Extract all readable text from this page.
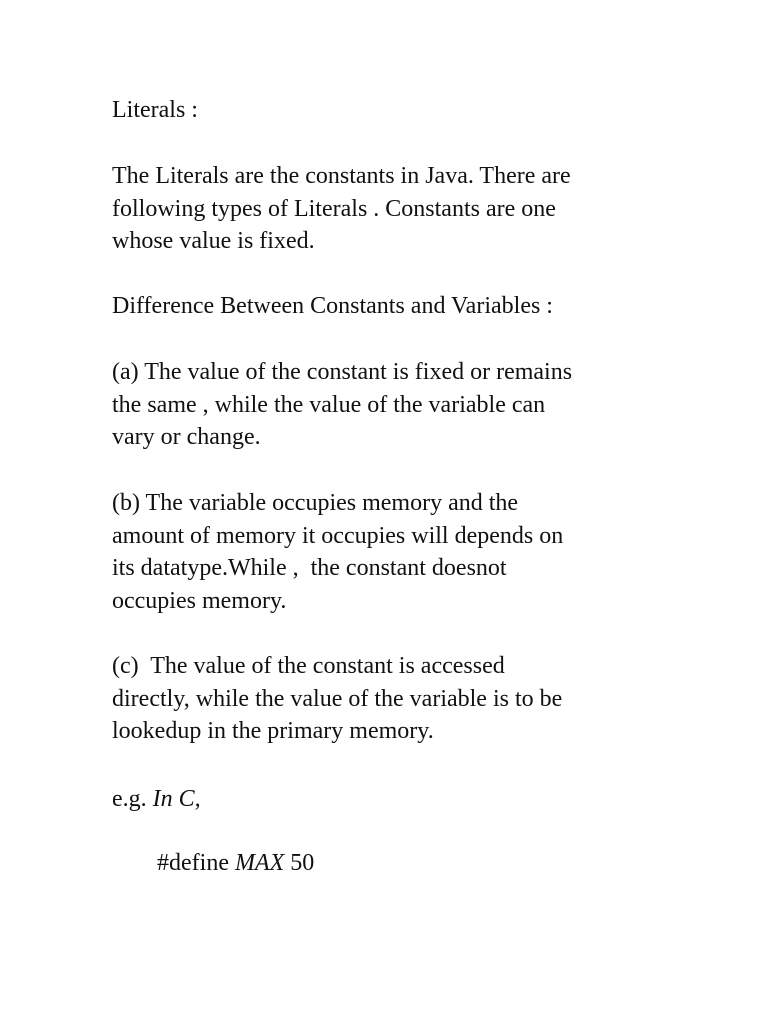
Literals :

The Literals are the constants in Java. There are
following types of Literals . Constants are one
whose value is fixed.

Difference Between Constants and Variables :

(a) The value of the constant is fixed or remains
the same , while the value of the variable can
vary or change.

(b) The variable occupies memory and the
amount of memory it occupies will depends on
its datatype.While ,  the constant doesnot
occupies memory.

(c)  The value of the constant is accessed
directly, while the value of the variable is to be
lookedup in the primary memory.

e.g. In C,

#define MAX 50
